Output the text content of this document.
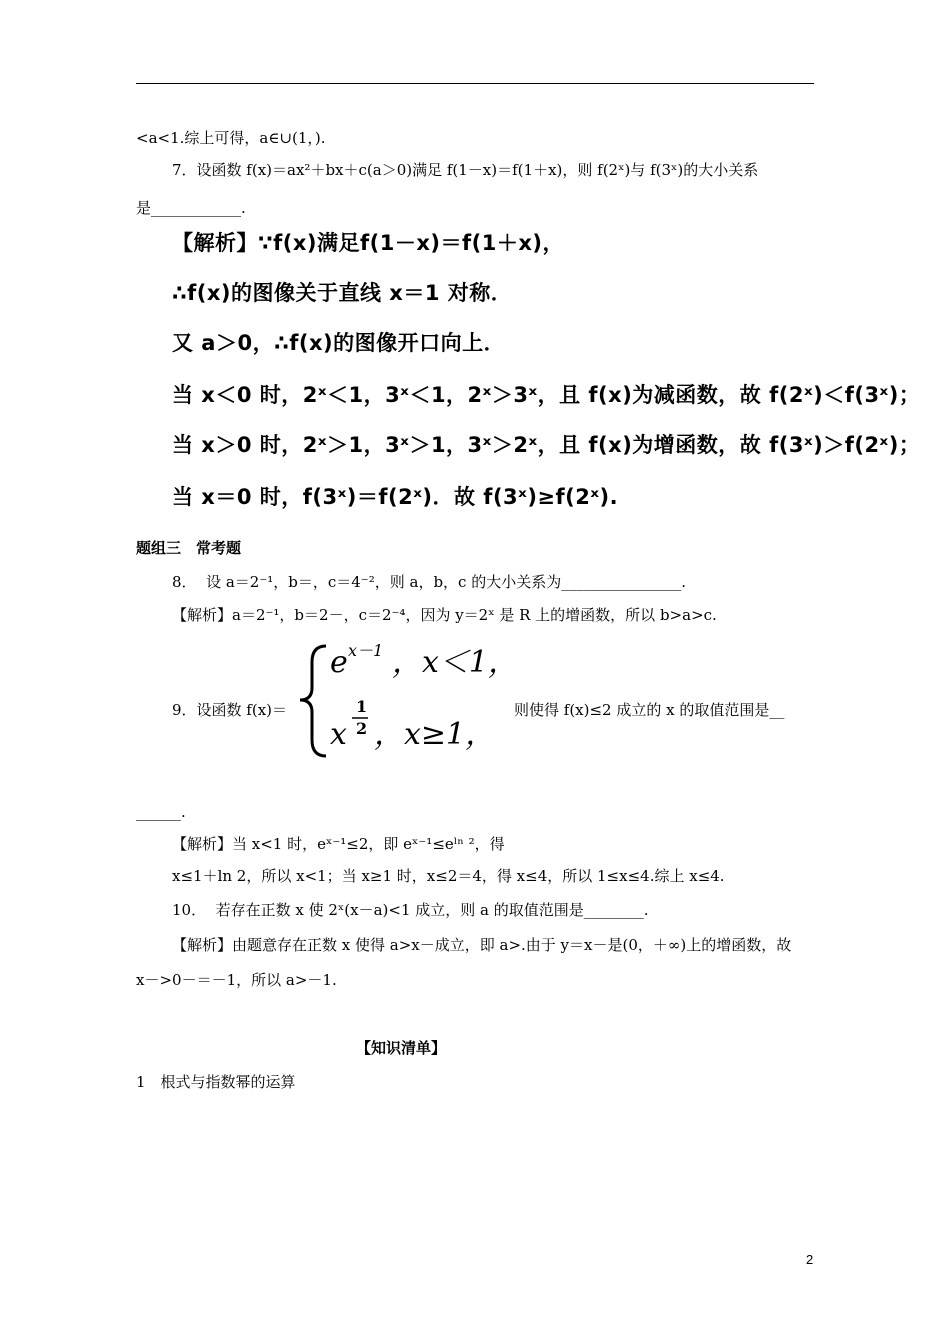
<a<1.综上可得，a∈∪(1，).
7．设函数 f(x)＝ax²＋bx＋c(a＞0)满足 f(1－x)＝f(1＋x)，则 f(2ˣ)与 f(3ˣ)的大小关系
是____________.
【解析】∵f(x)满足f(1－x)＝f(1＋x)，
∴f(x)的图像关于直线 x＝1 对称．
又 a＞0，∴f(x)的图像开口向上．
当 x＜0 时，2ˣ＜1，3ˣ＜1，2ˣ＞3ˣ，且 f(x)为减函数，故 f(2ˣ)＜f(3ˣ)；
当 x＞0 时，2ˣ＞1，3ˣ＞1，3ˣ＞2ˣ，且 f(x)为增函数，故 f(3ˣ)＞f(2ˣ)；
当 x＝0 时，f(3ˣ)＝f(2ˣ)．故 f(3ˣ)≥f(2ˣ).
题组三　常考题
8．  设 a＝2⁻¹，b＝，c＝4⁻²，则 a，b，c 的大小关系为________________.
【解析】a＝2⁻¹，b＝2－，c＝2⁻⁴，因为 y＝2ˣ 是 R 上的增函数，所以 b>a>c.
9．设函数 f(x)＝
e x－1 ，x＜1，
x
1
2 ，x≥1，
则使得 f(x)≤2 成立的 x 的取值范围是__
______.
【解析】当 x<1 时，eˣ⁻¹≤2，即 eˣ⁻¹≤eˡⁿ ²，得
x≤1＋ln 2，所以 x<1；当 x≥1 时，x≤2＝4，得 x≤4，所以 1≤x≤4.综上 x≤4.
10．  若存在正数 x 使 2ˣ(x－a)<1 成立，则 a 的取值范围是________.
【解析】由题意存在正数 x 使得 a>x－成立，即 a>.由于 y＝x－是(0，＋∞)上的增函数，故
x－>0－＝－1，所以 a>－1.
【知识清单】
1　根式与指数幂的运算
2
